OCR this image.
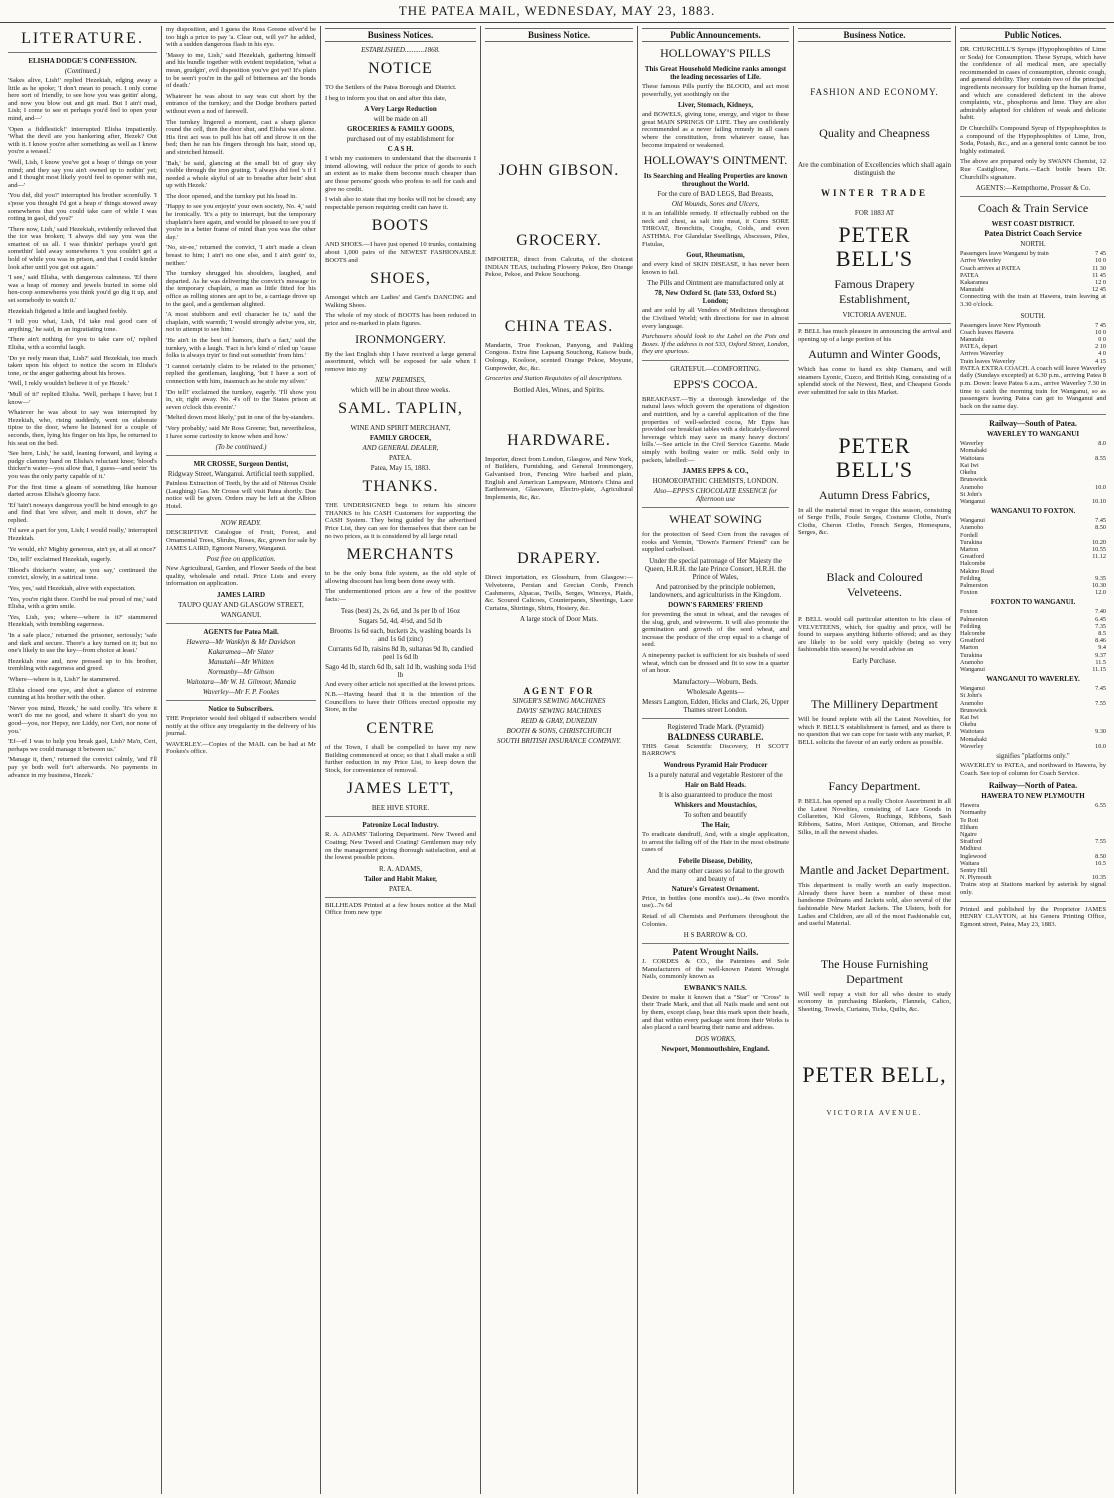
THE PATEA MAIL, WEDNESDAY, MAY 23, 1883.
LITERATURE.
ELISHA DODGE'S CONFESSION.
(Continued.)

'Sakes alive, Lish!' replied Hezekiah, edging away a little as he spoke; 'I don't mean to preach. I only come here sort of friendly, to see how you was gettin' along, and now you blow out and git mad. But I ain't mad, Lish; I come to see et perhaps you'd feel to open your mind, and—'

'Open a fiddlestick!' interrupted Elisha impatiently. 'What the devil are you hankering after, Hezek? Out with it. I know you're after something as well as I know you're a weasel.'

'Well, Lish, I know you've got a heap o' things on your mind; and they say you ain't owned up to nothin' yet; and I thought most likely you'd feel to opener with me, and—'

'You did, did you?' interrupted his brother scornfully. 'I s'pose you thought I'd got a heap o' things stowed away somewheres that you could take care of while I was rotting in gaol, did you?'

'There now, Lish,' said Hezekiah, evidently relieved that the ice was broken; 'I always did say you was the smartest of us all. I was thinkin' perhaps you'd got somethin' laid away somewheres 't you couldn't get a hold of while you was in prison, and that I could kinder look after until you got out again.'

'I see,' said Elisha, with dangerous calmness. 'Ef there was a heap of money and jewels buried in some old hen-coop somewheres you think you'd go dig it up, and set somebody to watch it.'

Hezekiah fidgeted a little and laughed feebly.

'I tell you what, Lish, I'd take real good care of anything,' he said, in an ingratiating tone.

'There ain't nothing for you to take care of,' replied Elisha, with a scornful laugh.

'Do ye reely mean that, Lish?' said Hezekiah, too much taken upon his object to notice the scorn in Elisha's tone, or the anger gathering about his brows.

'Well, I rekly wouldn't believe it of ye Hezek.'

'Mull of it!' replied Elisha. 'Well, perhaps I have; but I know—'

Whatever he was about to say was interrupted by Hezekiah, who, rising suddenly, went on elaborate tiptoe to the door, where he listened for a couple of seconds, then, lying his finger on his lips, he returned to his seat on the bed.

'See here, Lish,' he said, leaning forward, and laying a pudgy clammy hand on Elisha's reluctant knee; 'blood's thicker'n water—you allow that, I guess—and seein' 'tis you was the only party capable of it.'

For the first time a gleam of something like humour darted across Elisha's gloomy face.

'Ef 'tain't noways dangerous you'll be hind enough to go and find that 'ere silver, and melt it down, eh?' he replied.

'I'd save a part for you, Lish; I would really,' interrupted Hezekiah.

'Ye would, eh? Mighty generous, ain't ye, at all at once?'

'Do, tell!' exclaimed Hezekiah, eagerly.

'Blood's thicker'n water, as you say,' continued the convict, slowly, in a satirical tone.

'Yes, yes,' said Hezekiah, alive with expectation.

'Yes, you're right there. Cord'd be real proud of me,' said Elisha, with a grim smile.

'Yes, Lish, yes; where—where is it?' stammered Hezekiah, with trembling eagerness.

'In a safe place,' returned the prisoner, seriously; 'safe and dark and secure. There's a key turned on it; but no one's likely to use the key—from choice at least.'

Hezekiah rose and, now pressed up to his brother, trembling with eagerness and greed.

'Where—where is it, Lish?' he stammered.

Elisha closed one eye, and shot a glance of extreme cunning at his brother with the other.

'Never you mind, Hezek,' he said coolly. 'It's where it won't do me no good, and where it shan't do you no good—you, nor Hepsy, nor Liddy, nor Ceri, nor none of you.'

'Ef—ef I was to help you break gaol, Lish? Ma'n, Ceri, perhaps we could manage it between us.'

'Manage it, then,' returned the convict calmly, 'and I'll pay ye both well for't afterwards. No payments in advance in my business, Hezek.'

my disposition, and I guess the Ross Greene silver'd be too high a price to pay 'a. Clear out, will ye?' he added, with a sudden dangerous flash in his eye.

'Massy to me, Lish,' said Hezekiah, gathering himself and his bundle together with evident trepidation, 'what a mean, grudgin', evil disposition you've got yet! It's plain to be seen't you're in the gall of bitterness an' the bonds of death.'

Whatever he was about to say was cut short by the entrance of the turnkey; and the Dodge brothers parted without even a nod of farewell.

The turnkey lingered a moment, cast a sharp glance round the cell, then the door shut, and Elisha was alone. His first act was to pull his hat off and throw it on the bed; then he ran his fingers through his hair, stood up, and stretched himself.

'Bah,' he said, glancing at the small bit of gray sky visible through the iron grating. 'I always did feel 's if I needed a whole skyful of air to breathe after bein' shut up with Hezek.'

The door opened, and the turnkey put his head in.

'Happy to see you enjoyin' your own society, No. 4,' said he ironically. 'It's a pity to interrupt, but the temporary chaplain's here again, and would be pleased to see you if you're in a better frame of mind than you was the other day.'

'No, sir-ee,' returned the convict, 'I ain't made a clean breast to him; I ain't no one else, and I ain't goin' to, neither.'

The turnkey shrugged his shoulders, laughed, and departed. As he was delivering the convict's message to the temporary chaplain, a man as little fitted for his office as rolling stones are apt to be, a carriage drove up to the gaol, and a gentleman alighted.

'A most stubborn and evil character he is,' said the chaplain, with warmth; 'I would strongly advise you, sir, not to attempt to see him.'

'He ain't in the best of humors, that's a fact,' said the turnkey, with a laugh. 'Fact is he's kind o' riled up 'cause folks is always tryin' to find out somethin' from him.'

'I cannot certainly claim to be related to the prisoner,' replied the gentleman, laughing, 'but I have a sort of connection with him, inasmuch as he stole my silver.'

'Do tell!' exclaimed the turnkey, eagerly. 'I'll show you in, sir, right away. No. 4's off to the States prison at seven o'clock this evenin'.'

'Melted down most likely,' put in one of the by-standers.

'Very probably,' said Mr Ross Greene; 'but, nevertheless, I have some curiosity to know when and how.'

(To be continued.)
MR CROSSE, Surgeon Dentist,
Ridgway Street, Wanganui. Artificial teeth supplied.

Painless Extraction of Teeth, by the aid of Nitrous Oxide (Laughing) Gas. Mr Crosse will visit Patea shortly. Due notice will be given. Orders may be left at the Albion Hotel.

NOW READY.

DESCRIPTIVE Catalogue of Fruit, Forest, and Ornamental Trees, Shrubs, Roses, &c, grown for sale by JAMES LAIRD, Egmont Nursery, Wanganui.

Post free on application.

New Agricultural, Garden, and Flower Seeds of the best quality, wholesale and retail. Price Lists and every information on application.

JAMES LAIRD
TAUPO QUAY AND GLASGOW STREET,
WANGANUI.
AGENTS for Patea Mail.

Hawera—Mr Wanklyn & Mr Davidson

Kakaramea—Mr Slater

Manutahi—Mr Whitten

Normanby—Mr Gibson

Waitotara—Mr W. H. Gilmour, Manaia

Waverley—Mr F. P. Fookes

Notice to Subscribers.

THE Proprietor would feel obliged if subscribers would notify at the office any irregularity in the delivery of his journal.

WAVERLEY.—Copies of the MAIL can be had at Mr Fookes's office.

Business Notices.
ESTABLISHED...........1868.
NOTICE

TO the Settlers of the Patea Borough and District.

I beg to inform you that on and after this date,

A Very Large Reduction
will be made on all
GROCERIES & FAMILY GOODS,
purchased out of my establishment for
C A S H.

I wish my customers to understand that the discounts I intend allowing, will reduce the price of goods to such an extent as to make them become much cheaper than are those persons' goods who profess to sell for cash and give no credit.

I wish also to state that my books will not be closed; any respectable person requiring credit can have it.

BOOTS

AND SHOES.—I have just opened 10 trunks, containing about 1,000 pairs of the NEWEST FASHIONABLE BOOTS and

SHOES,

Amongst which are Ladies' and Gent's DANCING and Walking Shoes.

The whole of my stock of BOOTS has been reduced in price and re-marked in plain figures.

IRONMONGERY.

By the last English ship I have received a large general assortment, which will be exposed for sale when I remove into my

NEW PREMISES,
which will be in about three weeks.
SAML. TAPLIN,
WINE AND SPIRIT MERCHANT,
FAMILY GROCER,
AND GENERAL DEALER,
PATEA.
Patea, May 15, 1883.
THANKS.

THE UNDERSIGNED begs to return his sincere THANKS to his CASH Customers for supporting the CASH System. They being guided by the advertised Price List, they can see for themselves that there can be no two prices, as it is considered by all large retail

MERCHANTS

to be the only bona fide system, as the old style of allowing discount has long been done away with.

The undermentioned prices are a few of the positive facts:—

Teas (best) 2s, 2s 6d, and 3s per lb of 16oz

Sugars 5d, 4d, 4½d, and 5d lb

Brooms 1s 6d each, buckets 2s, washing boards 1s and 1s 6d (zinc)

Currants 6d lb, raisins 8d lb, sultanas 9d lb, candied peel 1s 6d lb

Sago 4d lb, starch 6d lb, salt 1d lb, washing soda 1½d lb

And every other article not specified at the lowest prices.

N.B.—Having heard that it is the intention of the Councillors to have their Offices erected opposite my Store, in the

CENTRE

of the Town, I shall be compelled to have my new Building commenced at once; so that I shall make a still further reduction in my Price List, to keep down the Stock, for convenience of removal.

JAMES LETT,
BEE HIVE STORE.
Patronize Local Industry.

R. A. ADAMS' Tailoring Department. New Tweed and Coating; New Tweed and Coating! Gentlemen may rely on the management giving thorough satisfaction, and at the lowest possible prices.

R. A. ADAMS,
Tailor and Habit Maker,
PATEA.

BILLHEADS Printed at a few hours notice at the Mail Office from new type

Business Notice.
JOHN GIBSON.
GROCERY.

IMPORTER, direct from Calcutta, of the choicest INDIAN TEAS, including Flowery Pekoe, Bro Orange Pekoe, Pekoe, and Pekoe Souchong.

CHINA TEAS.

Mandarin, True Fookoan, Panyong, and Pakling Congous. Extra fine Lapsang Souchong, Kaisow buds, Oolongs, Koolooe, scented Orange Pekoe, Moyune, Gunpowder, &c, &c.

Groceries and Station Requisites of all descriptions.

Bottled Ales, Wines, and Spirits.
HARDWARE.

Importer, direct from London, Glasgow, and New York, of Builders, Furnishing, and General Ironmongery, Galvanised Iron, Fencing Wire barbed and plain, English and American Lampware, Minton's China and Earthenware, Glassware, Electro-plate, Agricultural Implements, &c, &c.

DRAPERY.

Direct importation, ex Glossburn, from Glasgow:—Velveteens, Persian and Grecian Cords, French Cashmeres, Alpacas, Twills, Serges, Winceys, Plaids, &c. Scoured Calicoes, Counterpanes, Sheetings, Lace Curtains, Shirtings, Shirts, Hosiery, &c.

A large stock of Door Mats.
AGENT FOR

SINGER'S SEWING MACHINES

DAVIS' SEWING MACHINES

REID & GRAY, DUNEDIN

BOOTH & SONS, CHRISTCHURCH

SOUTH BRITISH INSURANCE COMPANY.

Public Announcements.
HOLLOWAY'S PILLS
This Great Household Medicine ranks amongst the leading necessaries of Life.

These famous Pills purify the BLOOD, and act most powerfully, yet soothingly on the

Liver, Stomach, Kidneys,

and BOWELS, giving tone, energy, and vigor to these great MAIN SPRINGS OF LIFE. They are confidently recommended as a never failing remedy in all cases where the constitution, from whatever cause, has become impaired or weakened.

HOLLOWAY'S OINTMENT.
Its Searching and Healing Properties are known throughout the World.
For the cure of BAD LEGS, Bad Breasts,
Old Wounds, Sores and Ulcers,

it is an infallible remedy. If effectually rubbed on the neck and chest, as salt into meat, it Cures SORE THROAT, Bronchitis, Coughs, Colds, and even ASTHMA. For Glandular Swellings, Abscesses, Piles, Fistulas,

Gout, Rheumatism,

and every kind of SKIN DISEASE, it has never been known to fail.

The Pills and Ointment are manufactured only at
78, New Oxford St. (late 533, Oxford St.) London;

and are sold by all Vendors of Medicines throughout the Civilised World; with directions for use in almost every language.

Purchasers should look to the Label on the Pots and Boxes. If the address is not 533, Oxford Street, London, they are spurious.

GRATEFUL—COMFORTING.
EPPS'S COCOA.

BREAKFAST.—'By a thorough knowledge of the natural laws which govern the operations of digestion and nutrition, and by a careful application of the fine properties of well-selected cocoa, Mr Epps has provided our breakfast tables with a delicately-flavored beverage which may save us many heavy doctors' bills.'—See article in the Civil Service Gazette. Made simply with boiling water or milk. Sold only in packets, labelled:—

JAMES EPPS & CO.,
HOMOEOPATHIC CHEMISTS, LONDON.
Also—EPPS'S CHOCOLATE ESSENCE for Afternoon use
WHEAT SOWING

for the protection of Seed Corn from the ravages of rooks and Vermin, "Down's Farmers' Friend" can be supplied carbolised.

Under the special patronage of Her Majesty the Queen, H.R.H. the late Prince Consort, H.R.H. the Prince of Wales,
And patronised by the principle noblemen, landowners, and agriculturists in the Kingdom.
DOWN'S FARMERS' FRIEND

for preventing the smut in wheat, and the ravages of the slug, grub, and wireworm. It will also promote the germination and growth of the seed wheat, and increase the produce of the crop equal to a change of seed.

A ninepenny packet is sufficient for six bushels of seed wheat, which can be dressed and fit to sow in a quarter of an hour.

Manufactory—Woburn, Beds.
Wholesale Agents—
Messrs Langton, Edden, Hicks and Clark, 26, Upper Thames street London.
Registered Trade Mark. (Pyramid)
BALDNESS CURABLE.

THIS Great Scientific Discovery, H SCOTT BARROW'S

Wondrous Pyramid Hair Producer
Is a purely natural and vegetable Restorer of the
Hair on Bald Heads.
It is also guaranteed to produce the most
Whiskers and Moustachios,
To soften and beautify
The Hair,

To eradicate dandruff, And, with a single application, to arrest the falling off of the Hair in the most obstinate cases of

Febrile Disease, Debility,
And the many other causes so fatal to the growth and beauty of
Nature's Greatest Ornament.

Price, in bottles (one month's use)...4s (two month's use)...7s 6d

Retail of all Chemists and Perfumers throughout the Colonies.

H S BARROW & CO.
Patent Wrought Nails.

J. CORDES & CO., the Patentees and Sole Manufacturers of the well-known Patent Wrought Nails, commonly known as

EWBANK'S NAILS.

Desire to make it known that a "Star" or "Cross" is their Trade Mark, and that all Nails made and sent out by them, except clasp, bear this mark upon their heads, and that within every package sent from their Works is also placed a card bearing their name and address.

DOS WORKS,
Newport, Monmouthshire, England.
Business Notice.
FASHION AND ECONOMY.
Quality and Cheapness
Are the combination of Excellencies which shall again distinguish the
WINTER TRADE
FOR 1883 AT
PETER BELL'S
Famous Drapery Establishment,
VICTORIA AVENUE.

P. BELL has much pleasure in announcing the arrival and opening up of a large portion of his

Autumn and Winter Goods,

Which has come to hand ex ship Oamaru, and will steamers Lyonic, Cuzco, and British King, consisting of a splendid stock of the Newest, Best, and Cheapest Goods ever submitted for sale in this Market.

PETER BELL'S
Autumn Dress Fabrics,

In all the material most in vogue this season, consisting of Serge Frills, Foule Serges, Costume Cloths, Nun's Cloths, Cheron Cloths, French Serges, Homespuns, Serges, &c.

Black and Coloured Velveteens.

P. BELL would call particular attention to his class of VELVETEENS, which, for quality and price, will be found to surpass anything hitherto offered; and as they are likely to be sold very quickly (being so very fashionable this season) he would advise an

Early Purchase.
The Millinery Department

Will be found replete with all the Latest Novelties, for which P. BELL'S establishment is famed, and as there is no question that we can cope for taste with any market, P. BELL solicits the favour of an early orders as possible.

Fancy Department.

P. BELL has opened up a really Choice Assortment in all the Latest Novelties, consisting of Lace Goods in Collarettes, Kid Gloves, Ruchings, Ribbons, Sash Ribbons, Satins, Mori Antique, Ottoman, and Broche Silks, in all the newest shades.

Mantle and Jacket Department.

This department is really worth an early inspection. Already there have been a number of these most handsome Dolmans and Jackets sold, also several of the fashionable New Market Jackets. The Ulsters, both for Ladies and Children, are all of the most Fashionable cut, and useful Material.

The House Furnishing Department

Will well repay a visit for all who desire to study economy in purchasing Blankets, Flannels, Calico, Sheeting, Towels, Curtains, Ticks, Quilts, &c.

PETER BELL,
VICTORIA AVENUE.
Public Notices.

DR. CHURCHILL'S Syrups (Hypophosphites of Lime or Soda) for Consumption. These Syrups, which have the confidence of all medical men, are specially recommended in cases of consumption, chronic cough, and general debility. They contain two of the principal ingredients necessary for building up the human frame, and which are considered deficient in the above complaints, viz., phosphorus and lime. They are also admirably adapted for children of weak and delicate habit.

Dr Churchill's Compound Syrup of Hypophosphites is a compound of the Hypophosphites of Lime, Iron, Soda, Potash, &c., and as a general tonic cannot be too highly estimated.

The above are prepared only by SWANN Chemist, 12 Rue Castiglione, Paris.—Each bottle bears Dr. Churchill's signature.

AGENTS:—Kempthorne, Prosser & Co.
Coach & Train Service
WEST COAST DISTRICT.
Patea District Coach Service
NORTH.
Passengers leave Wanganui by train	7 45
Arrive Waverley	10 0
Coach arrives at PATEA	11 30
PATEA	11 45
Kakaramea	12 0
Manutahi	12 45

Connecting with the train at Hawera, train leaving at 3.30 o'clock.

SOUTH.
Passengers leave New Plymouth	7 45
Coach leaves Hawera	10 0
Manutahi	0 0
PATEA, depart	2 10
Arrives Waverley	4 0
Train leaves Waverley	4 15

PATEA EXTRA COACH. A coach will leave Waverley daily (Sundays excepted) at 6.30 p.m., arriving Patea 8 p.m. Down: leave Patea 6 a.m., arrive Waverley 7.30 in time to catch the morning train for Wanganui, so as passengers leaving Patea can get to Wanganui and back on the same day.

Railway—South of Patea.
WAVERLEY TO WANGANUI
Waverley	8.0
Momahaki	
Waitotara	8.55
Kai Iwi	
Okehu	
Brunswick	
Aramoho	10.0
St John's	
Wanganui	10.10
WANGANUI TO FOXTON.
Wanganui	7.45
Aramoho	8.50
Fordell	
Turakina	10.20
Marton	10.55
Greatford	11.12
Halcombe	
Makino Road	
Feilding	9.35
Palmerston	10.30
Foxton	12.0
FOXTON TO WANGANUI.
Foxton	7.40
Palmerston	6.45
Feilding	7.35
Halcombe	8.5
Greatford	8.46
Marton	9.4
Turakina	9.37
Aramoho	11.5
Wanganui	11.15
WANGANUI TO WAVERLEY.
Wanganui	7.45
St John's	
Aramoho	7.55
Brunswick	
Kai Iwi	
Okehu	
Waitotara	9.30
Momahaki	
Waverley	10.0
signifies "platforms only."

WAVERLEY to PATEA, and northward to Hawera, by Coach. See top of column for Coach Service.

Railway—North of Patea.
HAWERA TO NEW PLYMOUTH
Hawera	6.55
Normanby	
Te Roti	
Eltham	
Ngaire	
Stratford	7.55
Midhirst	
Inglewood	8.50
Waitara	10.5
Sentry Hill	
N. Plymouth	10.35

Trains stop at Stations marked by asterisk by signal only.

Printed and published by the Proprietor JAMES HENRY CLAYTON, at his Genera Printing Office, Egmont street, Patea, May 23, 1883.
